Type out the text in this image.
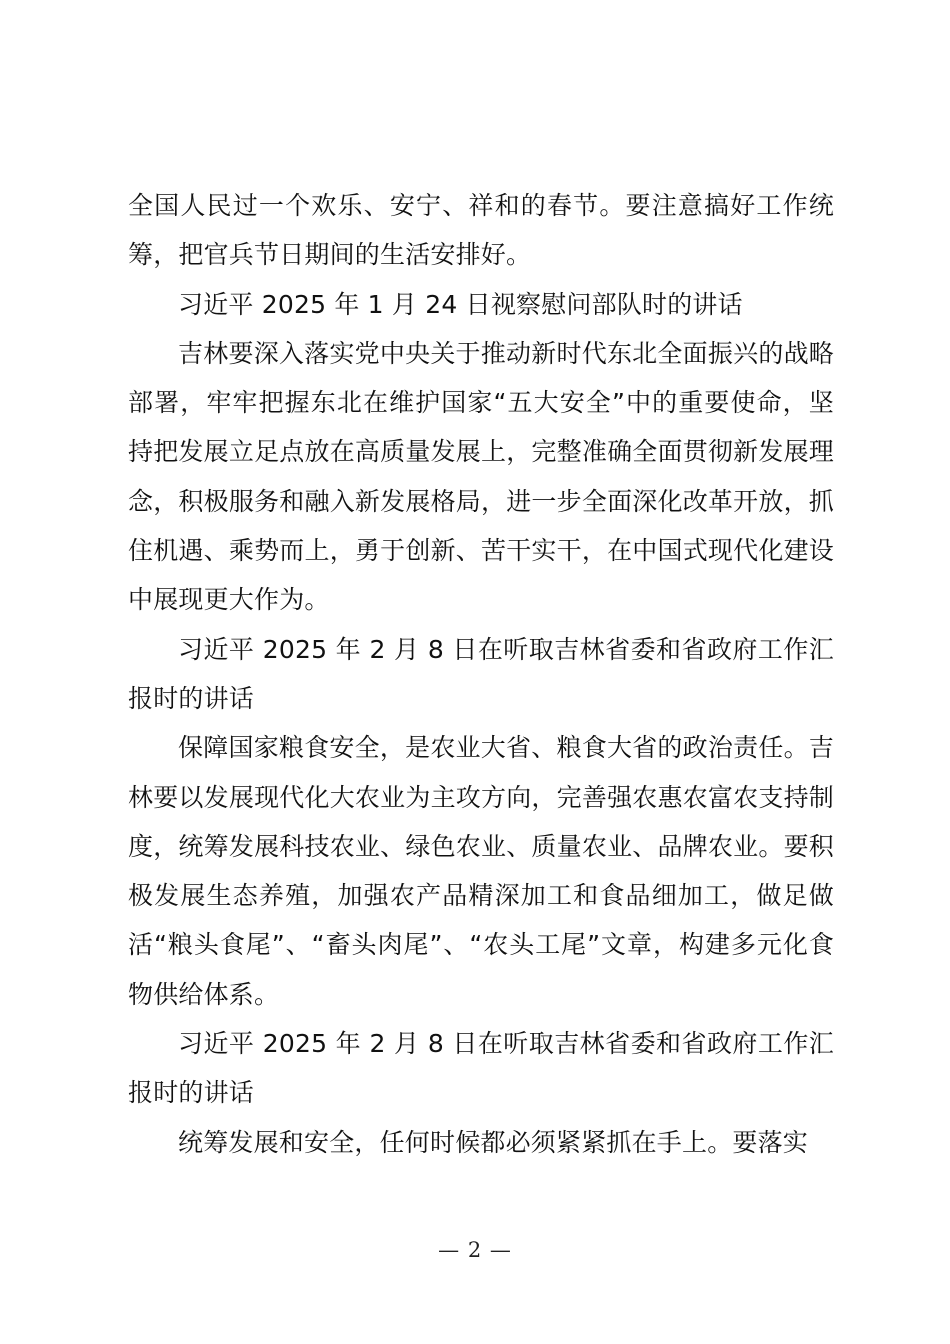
全国人民过一个欢乐、安宁、祥和的春节。要注意搞好工作统筹，把官兵节日期间的生活安排好。

习近平 2025 年 1 月 24 日视察慰问部队时的讲话

吉林要深入落实党中央关于推动新时代东北全面振兴的战略部署，牢牢把握东北在维护国家“五大安全”中的重要使命，坚持把发展立足点放在高质量发展上，完整准确全面贯彻新发展理念，积极服务和融入新发展格局，进一步全面深化改革开放，抓住机遇、乘势而上，勇于创新、苦干实干，在中国式现代化建设中展现更大作为。

习近平 2025 年 2 月 8 日在听取吉林省委和省政府工作汇报时的讲话

保障国家粮食安全，是农业大省、粮食大省的政治责任。吉林要以发展现代化大农业为主攻方向，完善强农惠农富农支持制度，统筹发展科技农业、绿色农业、质量农业、品牌农业。要积极发展生态养殖，加强农产品精深加工和食品细加工，做足做活“粮头食尾”、“畜头肉尾”、“农头工尾”文章，构建多元化食物供给体系。

习近平 2025 年 2 月 8 日在听取吉林省委和省政府工作汇报时的讲话

统筹发展和安全，任何时候都必须紧紧抓在手上。要落实

— 2 —
